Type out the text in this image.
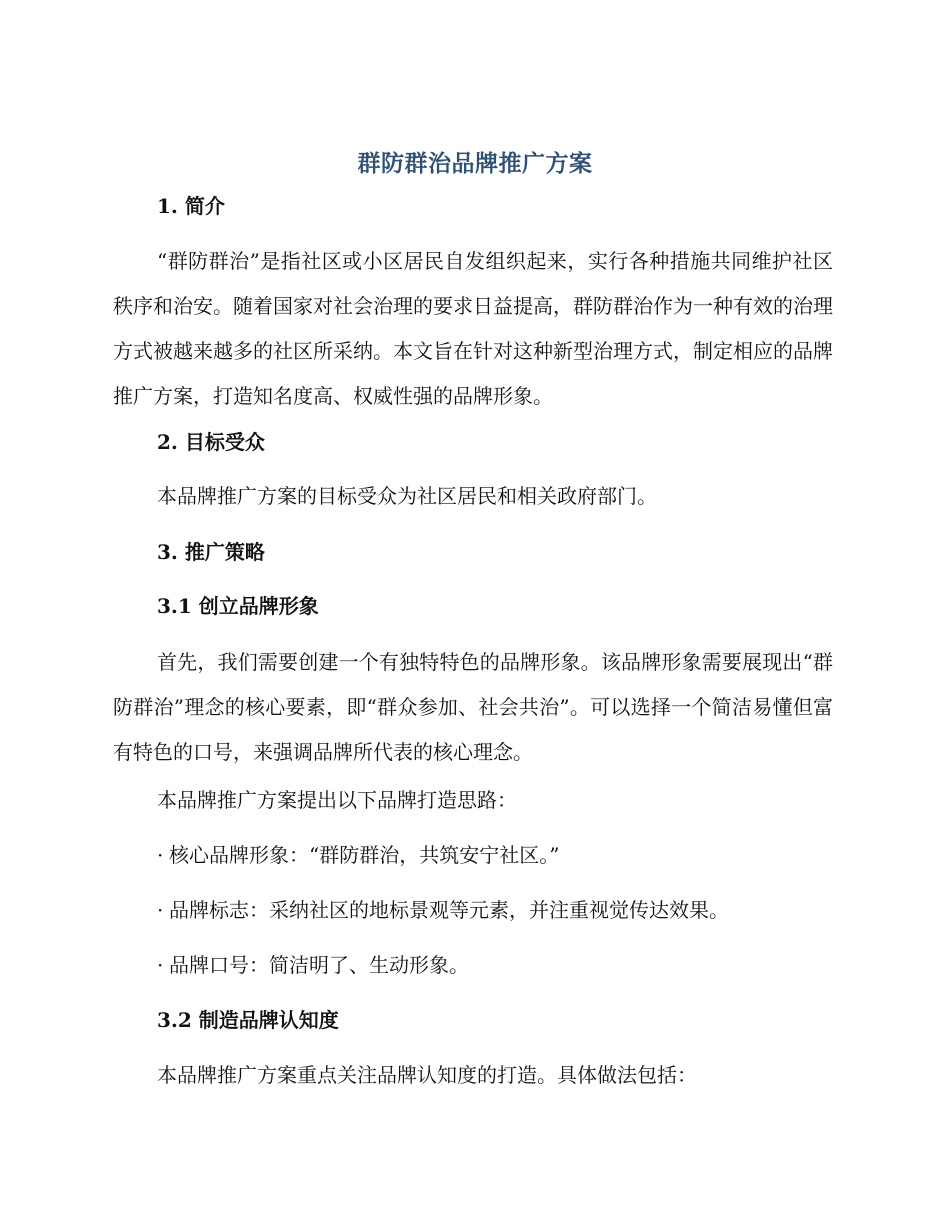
群防群治品牌推广方案
1. 简介
“群防群治”是指社区或小区居民自发组织起来，实行各种措施共同维护社区秩序和治安。随着国家对社会治理的要求日益提高，群防群治作为一种有效的治理方式被越来越多的社区所采纳。本文旨在针对这种新型治理方式，制定相应的品牌推广方案，打造知名度高、权威性强的品牌形象。
2. 目标受众
本品牌推广方案的目标受众为社区居民和相关政府部门。
3. 推广策略
3.1 创立品牌形象
首先，我们需要创建一个有独特特色的品牌形象。该品牌形象需要展现出“群防群治”理念的核心要素，即“群众参加、社会共治”。可以选择一个简洁易懂但富有特色的口号，来强调品牌所代表的核心理念。
本品牌推广方案提出以下品牌打造思路：
· 核心品牌形象：“群防群治，共筑安宁社区。”
· 品牌标志：采纳社区的地标景观等元素，并注重视觉传达效果。
· 品牌口号：简洁明了、生动形象。
3.2 制造品牌认知度
本品牌推广方案重点关注品牌认知度的打造。具体做法包括：
